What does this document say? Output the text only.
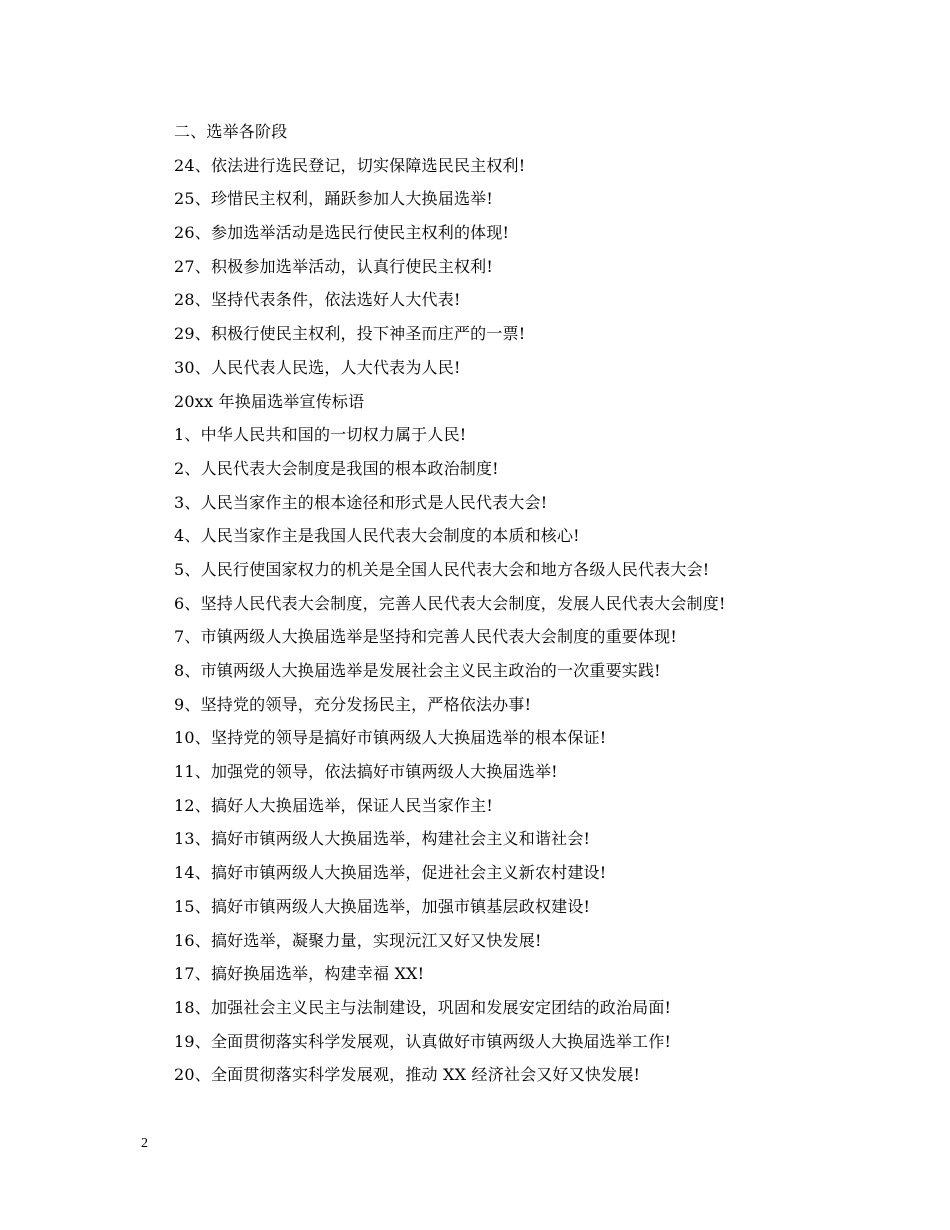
二、选举各阶段
24、依法进行选民登记，切实保障选民民主权利!
25、珍惜民主权利，踊跃参加人大换届选举!
26、参加选举活动是选民行使民主权利的体现!
27、积极参加选举活动，认真行使民主权利!
28、坚持代表条件，依法选好人大代表!
29、积极行使民主权利，投下神圣而庄严的一票!
30、人民代表人民选，人大代表为人民!
20xx 年换届选举宣传标语
1、中华人民共和国的一切权力属于人民!
2、人民代表大会制度是我国的根本政治制度!
3、人民当家作主的根本途径和形式是人民代表大会!
4、人民当家作主是我国人民代表大会制度的本质和核心!
5、人民行使国家权力的机关是全国人民代表大会和地方各级人民代表大会!
6、坚持人民代表大会制度，完善人民代表大会制度，发展人民代表大会制度!
7、市镇两级人大换届选举是坚持和完善人民代表大会制度的重要体现!
8、市镇两级人大换届选举是发展社会主义民主政治的一次重要实践!
9、坚持党的领导，充分发扬民主，严格依法办事!
10、坚持党的领导是搞好市镇两级人大换届选举的根本保证!
11、加强党的领导，依法搞好市镇两级人大换届选举!
12、搞好人大换届选举，保证人民当家作主!
13、搞好市镇两级人大换届选举，构建社会主义和谐社会!
14、搞好市镇两级人大换届选举，促进社会主义新农村建设!
15、搞好市镇两级人大换届选举，加强市镇基层政权建设!
16、搞好选举，凝聚力量，实现沅江又好又快发展!
17、搞好换届选举，构建幸福 XX!
18、加强社会主义民主与法制建设，巩固和发展安定团结的政治局面!
19、全面贯彻落实科学发展观，认真做好市镇两级人大换届选举工作!
20、全面贯彻落实科学发展观，推动 XX 经济社会又好又快发展!
2
